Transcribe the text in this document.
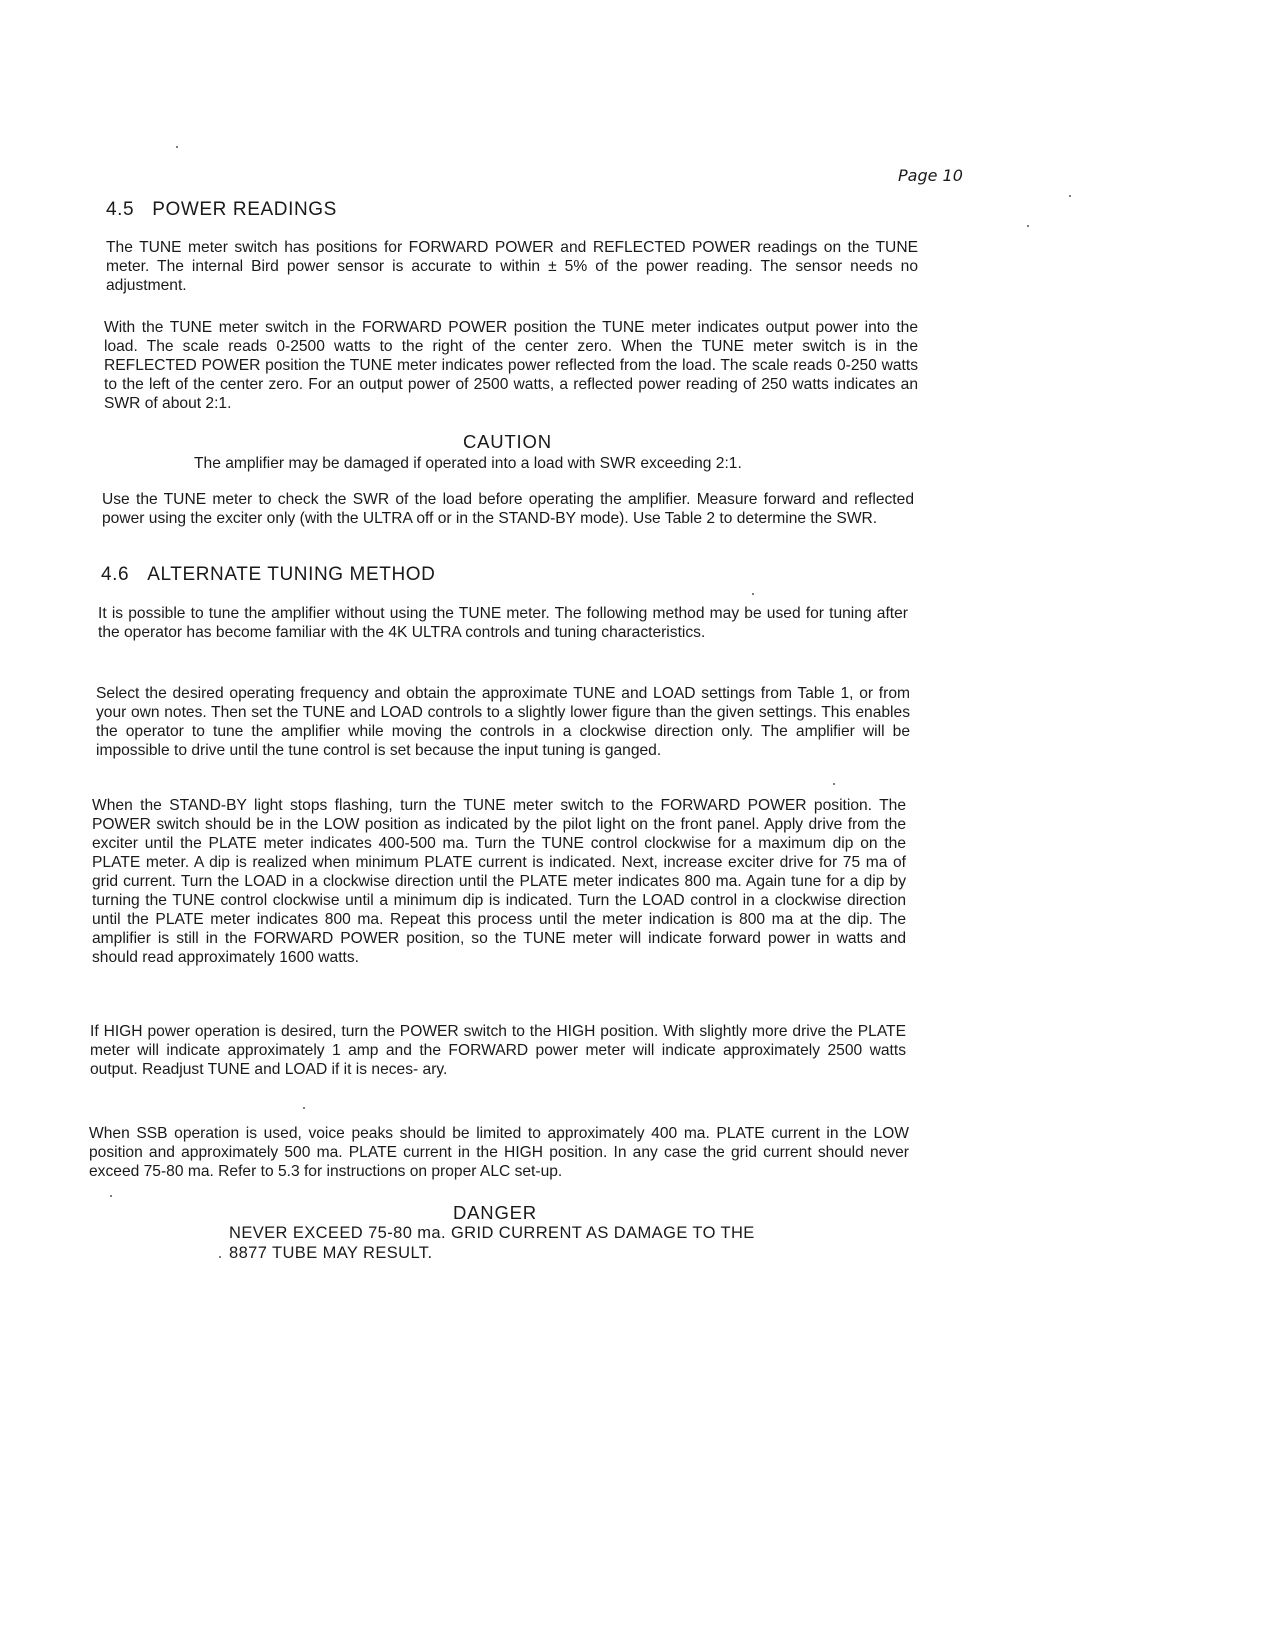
Page 10
4.5 POWER READINGS

The TUNE meter switch has positions for FORWARD POWER and REFLECTED POWER readings on the TUNE meter. The internal Bird power sensor is accurate to within ± 5% of the power reading. The sensor needs no adjustment.

With the TUNE meter switch in the FORWARD POWER position the TUNE meter indicates output power into the load. The scale reads 0-2500 watts to the right of the center zero. When the TUNE meter switch is in the REFLECTED POWER position the TUNE meter indicates power reflected from the load. The scale reads 0-250 watts to the left of the center zero. For an output power of 2500 watts, a reflected power reading of 250 watts indicates an SWR of about 2:1.

CAUTION
The amplifier may be damaged if operated into a load with SWR exceeding 2:1.

Use the TUNE meter to check the SWR of the load before operating the amplifier. Measure forward and reflected power using the exciter only (with the ULTRA off or in the STAND-BY mode). Use Table 2 to determine the SWR.

4.6 ALTERNATE TUNING METHOD

It is possible to tune the amplifier without using the TUNE meter. The following method may be used for tuning after the operator has become familiar with the 4K ULTRA controls and tuning characteristics.

Select the desired operating frequency and obtain the approximate TUNE and LOAD settings from Table 1, or from your own notes. Then set the TUNE and LOAD controls to a slightly lower figure than the given settings. This enables the operator to tune the amplifier while moving the controls in a clockwise direction only. The amplifier will be impossible to drive until the tune control is set because the input tuning is ganged.

When the STAND-BY light stops flashing, turn the TUNE meter switch to the FORWARD POWER position. The POWER switch should be in the LOW position as indicated by the pilot light on the front panel. Apply drive from the exciter until the PLATE meter indicates 400-500 ma. Turn the TUNE control clockwise for a maximum dip on the PLATE meter. A dip is realized when minimum PLATE current is indicated. Next, increase exciter drive for 75 ma of grid current. Turn the LOAD in a clockwise direction until the PLATE meter indicates 800 ma. Again tune for a dip by turning the TUNE control clockwise until a minimum dip is indicated. Turn the LOAD control in a clockwise direction until the PLATE meter indicates 800 ma. Repeat this process until the meter indication is 800 ma at the dip. The amplifier is still in the FORWARD POWER position, so the TUNE meter will indicate forward power in watts and should read approximately 1600 watts.

If HIGH power operation is desired, turn the POWER switch to the HIGH position. With slightly more drive the PLATE meter will indicate approximately 1 amp and the FORWARD power meter will indicate approximately 2500 watts output. Readjust TUNE and LOAD if it is neces- ary.

When SSB operation is used, voice peaks should be limited to approximately 400 ma. PLATE current in the LOW position and approximately 500 ma. PLATE current in the HIGH position. In any case the grid current should never exceed 75-80 ma. Refer to 5.3 for instructions on proper ALC set-up.

DANGER
NEVER EXCEED 75-80 ma. GRID CURRENT AS DAMAGE TO THE
8877 TUBE MAY RESULT.
